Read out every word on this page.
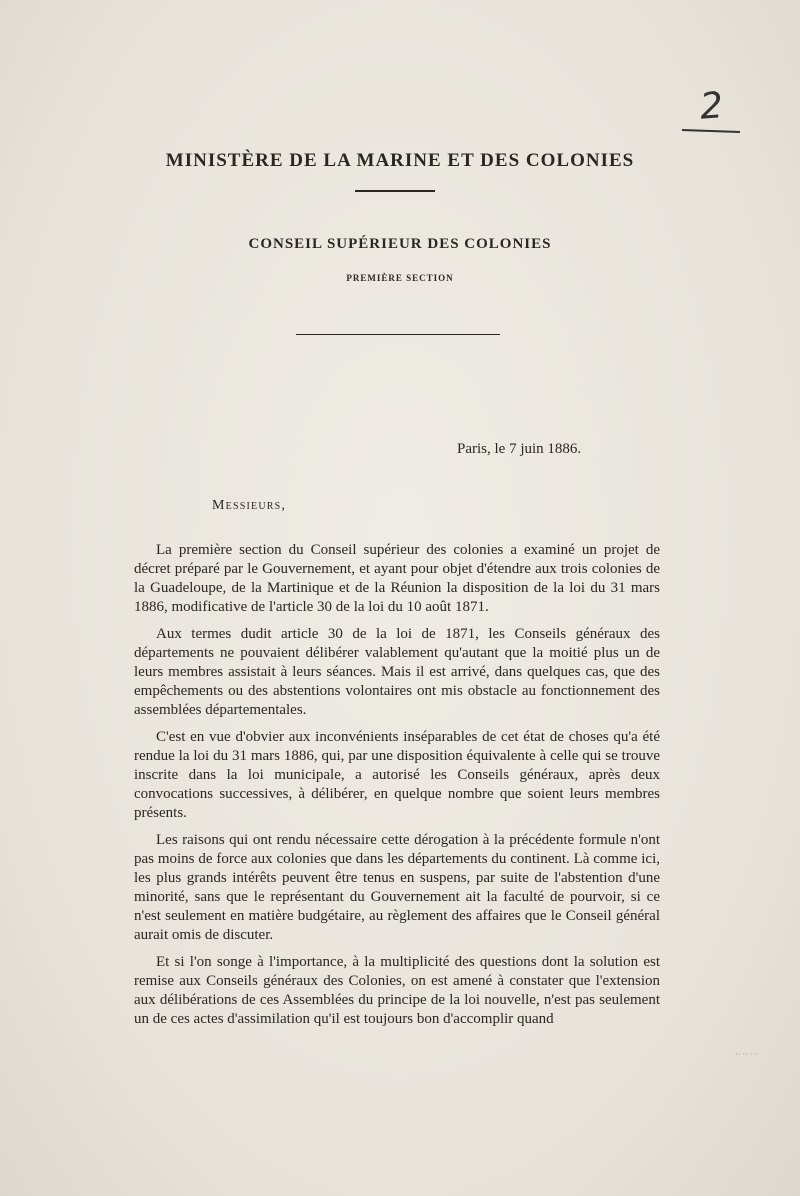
2
MINISTÈRE DE LA MARINE ET DES COLONIES
CONSEIL SUPÉRIEUR DES COLONIES
PREMIÈRE SECTION
Paris, le 7 juin 1886.
Messieurs,

La première section du Conseil supérieur des colonies a examiné un projet de décret préparé par le Gouvernement, et ayant pour objet d'étendre aux trois colonies de la Guadeloupe, de la Martinique et de la Réunion la disposition de la loi du 31 mars 1886, modificative de l'article 30 de la loi du 10 août 1871.

Aux termes dudit article 30 de la loi de 1871, les Conseils généraux des départements ne pouvaient délibérer valablement qu'autant que la moitié plus un de leurs membres assistait à leurs séances. Mais il est arrivé, dans quelques cas, que des empêchements ou des abstentions volontaires ont mis obstacle au fonctionnement des assemblées départementales.

C'est en vue d'obvier aux inconvénients inséparables de cet état de choses qu'a été rendue la loi du 31 mars 1886, qui, par une disposition équivalente à celle qui se trouve inscrite dans la loi municipale, a autorisé les Conseils généraux, après deux convocations successives, à délibérer, en quelque nombre que soient leurs membres présents.

Les raisons qui ont rendu nécessaire cette dérogation à la précédente formule n'ont pas moins de force aux colonies que dans les départements du continent. Là comme ici, les plus grands intérêts peuvent être tenus en suspens, par suite de l'abstention d'une minorité, sans que le représentant du Gouvernement ait la faculté de pourvoir, si ce n'est seulement en matière budgétaire, au règlement des affaires que le Conseil général aurait omis de discuter.

Et si l'on songe à l'importance, à la multiplicité des questions dont la solution est remise aux Conseils généraux des Colonies, on est amené à constater que l'extension aux délibérations de ces Assemblées du principe de la loi nouvelle, n'est pas seulement un de ces actes d'assimilation qu'il est toujours bon d'accomplir quand

·· ·· · ·
